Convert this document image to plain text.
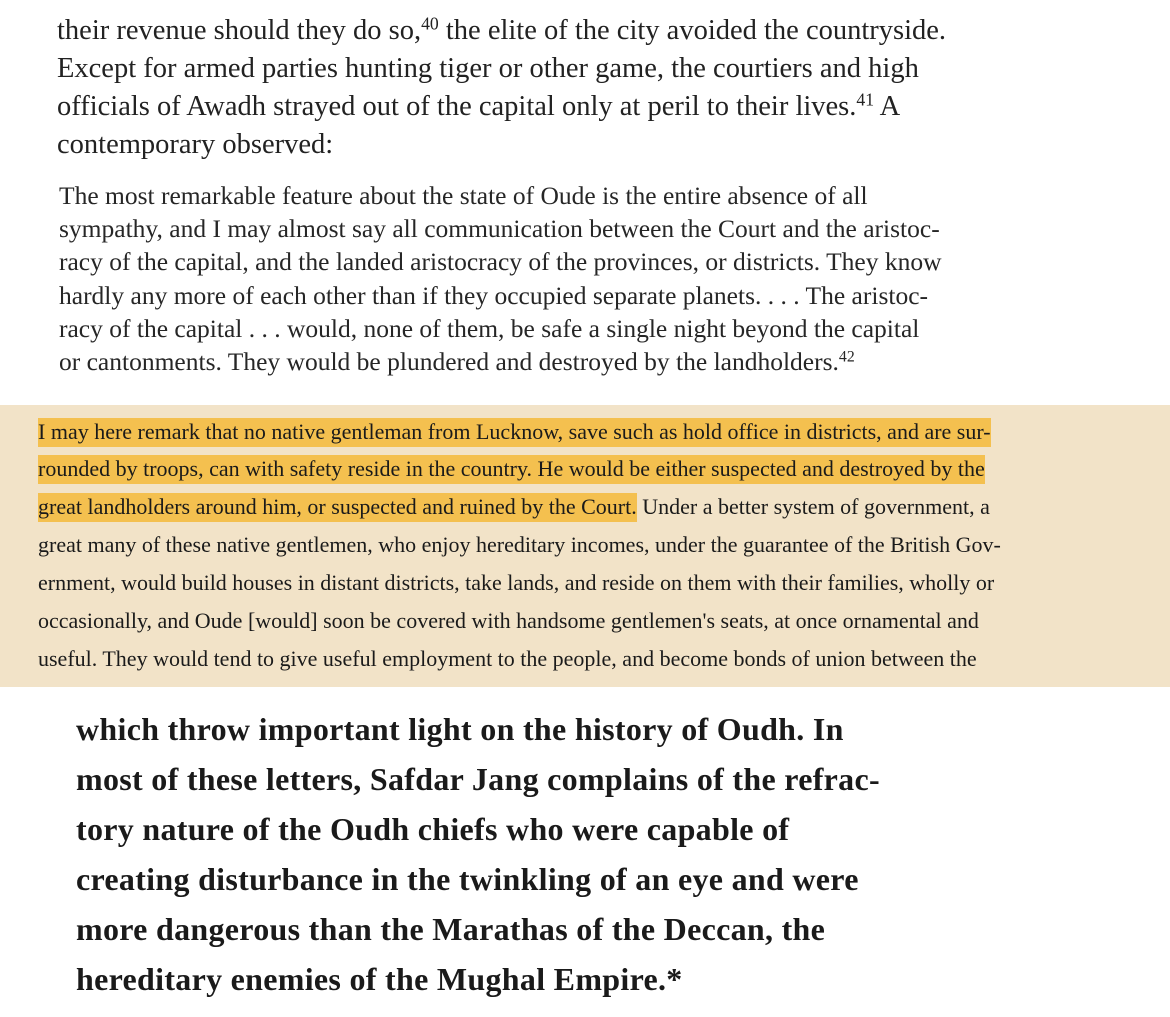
their revenue should they do so,$^{40}$ the elite of the city avoided the countryside.
Except for armed parties hunting tiger or other game, the courtiers and high
officials of Awadh strayed out of the capital only at peril to their lives.$^{41}$ A
contemporary observed:
The most remarkable feature about the state of Oude is the entire absence of all
sympathy, and I may almost say all communication between the Court and the aristoc-
racy of the capital, and the landed aristocracy of the provinces, or districts. They know
hardly any more of each other than if they occupied separate planets. . . . The aristoc-
racy of the capital . . . would, none of them, be safe a single night beyond the capital
or cantonments. They would be plundered and destroyed by the landholders.$^{42}$
I may here remark that no native gentleman from Lucknow, save such as hold office in districts, and are sur-
rounded by troops, can with safety reside in the country. He would be either suspected and destroyed by the
great landholders around him, or suspected and ruined by the Court. Under a better system of government, a
great many of these native gentlemen, who enjoy hereditary incomes, under the guarantee of the British Gov-
ernment, would build houses in distant districts, take lands, and reside on them with their families, wholly or
occasionally, and Oude [would] soon be covered with handsome gentlemen's seats, at once ornamental and
useful. They would tend to give useful employment to the people, and become bonds of union between the
which throw important light on the history of Oudh. In
most of these letters, Safdar Jang complains of the refrac-
tory nature of the Oudh chiefs who were capable of
creating disturbance in the twinkling of an eye and were
more dangerous than the Marathas of the Deccan, the
hereditary enemies of the Mughal Empire.*
